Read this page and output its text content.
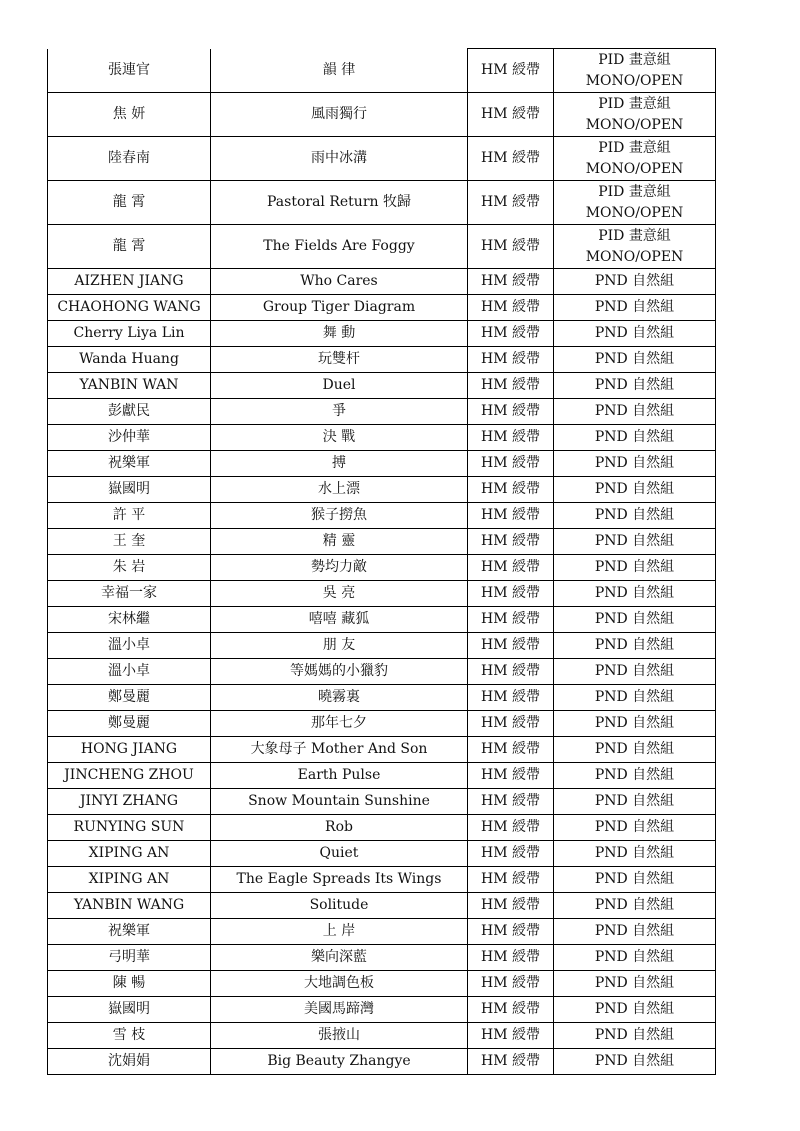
張連官	韻 律	HM 綬帶	PID 畫意組
MONO/OPEN

焦 妍	風雨獨行	HM 綬帶	PID 畫意組
MONO/OPEN

陸春南	雨中冰溝	HM 綬帶	PID 畫意組
MONO/OPEN

龍 霄	Pastoral Return 牧歸	HM 綬帶	PID 畫意組
MONO/OPEN

龍 霄	The Fields Are Foggy	HM 綬帶	PID 畫意組
MONO/OPEN

AIZHEN JIANG	Who Cares	HM 綬帶	PND 自然組

CHAOHONG WANG	Group Tiger Diagram	HM 綬帶	PND 自然組

Cherry Liya Lin	舞 動	HM 綬帶	PND 自然組

Wanda Huang	玩雙杆	HM 綬帶	PND 自然組

YANBIN WAN	Duel	HM 綬帶	PND 自然組

彭獻民	爭	HM 綬帶	PND 自然組

沙仲華	決 戰	HM 綬帶	PND 自然組

祝樂軍	搏	HM 綬帶	PND 自然組

嶽國明	水上漂	HM 綬帶	PND 自然組

許 平	猴子撈魚	HM 綬帶	PND 自然組

王 奎	精 靈	HM 綬帶	PND 自然組

朱 岩	勢均力敵	HM 綬帶	PND 自然組

幸福一家	吳 亮	HM 綬帶	PND 自然組

宋林繼	嘻嘻 藏狐	HM 綬帶	PND 自然組

溫小卓	朋 友	HM 綬帶	PND 自然組

溫小卓	等媽媽的小獵豹	HM 綬帶	PND 自然組

鄭曼麗	曉霧裏	HM 綬帶	PND 自然組

鄭曼麗	那年七夕	HM 綬帶	PND 自然組

HONG JIANG	大象母子 Mother And Son	HM 綬帶	PND 自然組

JINCHENG ZHOU	Earth Pulse	HM 綬帶	PND 自然組

JINYI ZHANG	Snow Mountain Sunshine	HM 綬帶	PND 自然組

RUNYING SUN	Rob	HM 綬帶	PND 自然組

XIPING AN	Quiet	HM 綬帶	PND 自然組

XIPING AN	The Eagle Spreads Its Wings	HM 綬帶	PND 自然組

YANBIN WANG	Solitude	HM 綬帶	PND 自然組

祝樂軍	上 岸	HM 綬帶	PND 自然組

弓明華	樂向深藍	HM 綬帶	PND 自然組

陳 暢	大地調色板	HM 綬帶	PND 自然組

嶽國明	美國馬蹄灣	HM 綬帶	PND 自然組

雪 枝	張掖山	HM 綬帶	PND 自然組

沈娟娟	Big Beauty Zhangye	HM 綬帶	PND 自然組
